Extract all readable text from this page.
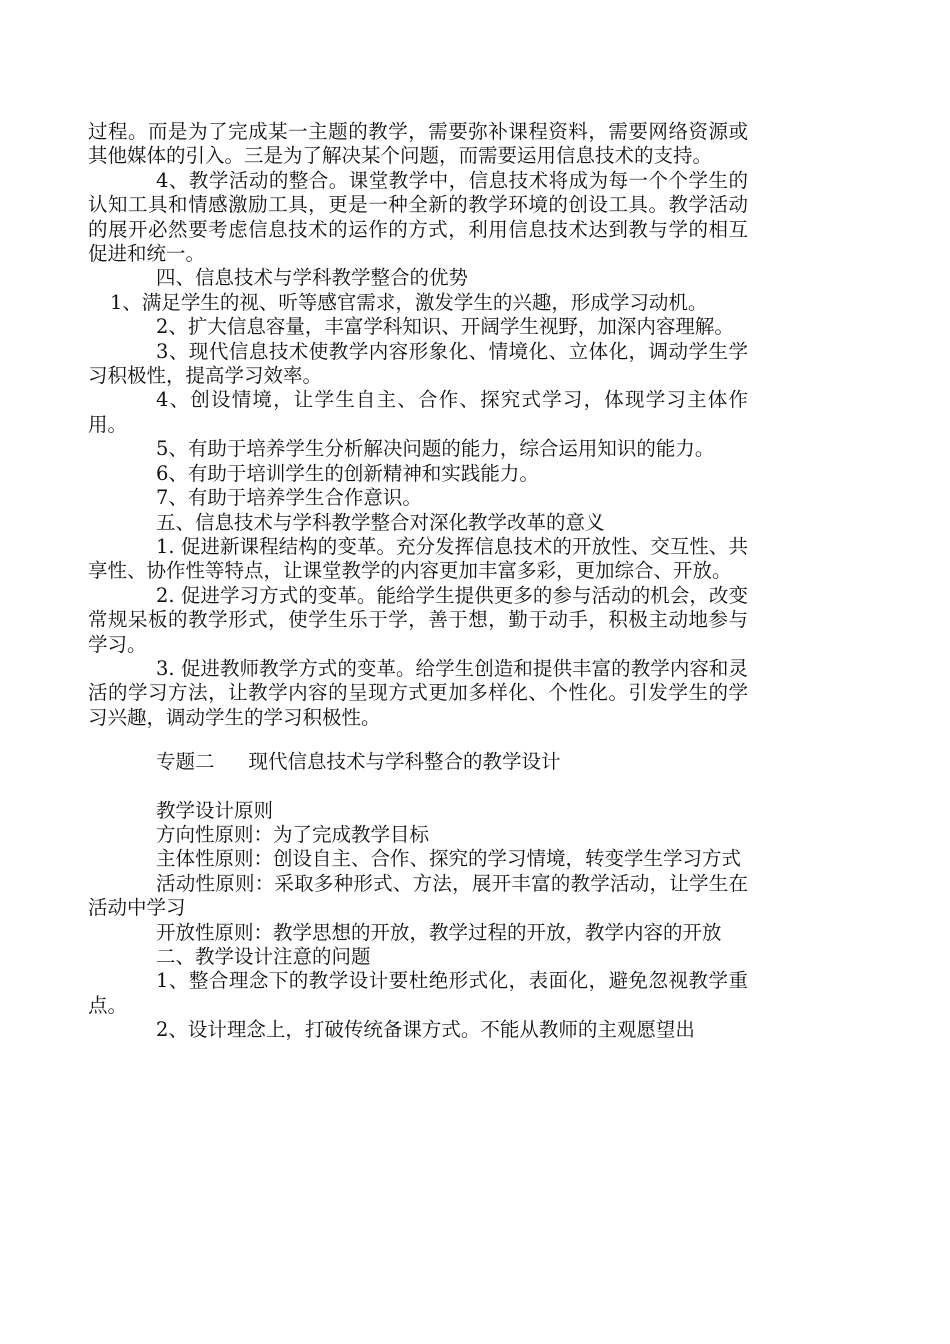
过程。而是为了完成某一主题的教学，需要弥补课程资料，需要网络资源或其他媒体的引入。三是为了解决某个问题，而需要运用信息技术的支持。

4、教学活动的整合。课堂教学中，信息技术将成为每一个个学生的认知工具和情感激励工具，更是一种全新的教学环境的创设工具。教学活动的展开必然要考虑信息技术的运作的方式，利用信息技术达到教与学的相互促进和统一。

四、信息技术与学科教学整合的优势

1、满足学生的视、听等感官需求，激发学生的兴趣，形成学习动机。

2、扩大信息容量，丰富学科知识、开阔学生视野，加深内容理解。

3、现代信息技术使教学内容形象化、情境化、立体化，调动学生学习积极性，提高学习效率。

4、创设情境，让学生自主、合作、探究式学习，体现学习主体作用。

5、有助于培养学生分析解决问题的能力，综合运用知识的能力。

6、有助于培训学生的创新精神和实践能力。

7、有助于培养学生合作意识。

五、信息技术与学科教学整合对深化教学改革的意义

1. 促进新课程结构的变革。充分发挥信息技术的开放性、交互性、共享性、协作性等特点，让课堂教学的内容更加丰富多彩，更加综合、开放。

2. 促进学习方式的变革。能给学生提供更多的参与活动的机会，改变常规呆板的教学形式，使学生乐于学，善于想，勤于动手，积极主动地参与学习。

3. 促进教师教学方式的变革。给学生创造和提供丰富的教学内容和灵活的学习方法，让教学内容的呈现方式更加多样化、个性化。引发学生的学习兴趣，调动学生的学习积极性。

专题二 现代信息技术与学科整合的教学设计

教学设计原则

方向性原则：为了完成教学目标

主体性原则：创设自主、合作、探究的学习情境，转变学生学习方式

活动性原则：采取多种形式、方法，展开丰富的教学活动，让学生在活动中学习

开放性原则：教学思想的开放，教学过程的开放，教学内容的开放

二、教学设计注意的问题

1、整合理念下的教学设计要杜绝形式化，表面化，避免忽视教学重点。

2、设计理念上，打破传统备课方式。不能从教师的主观愿望出
